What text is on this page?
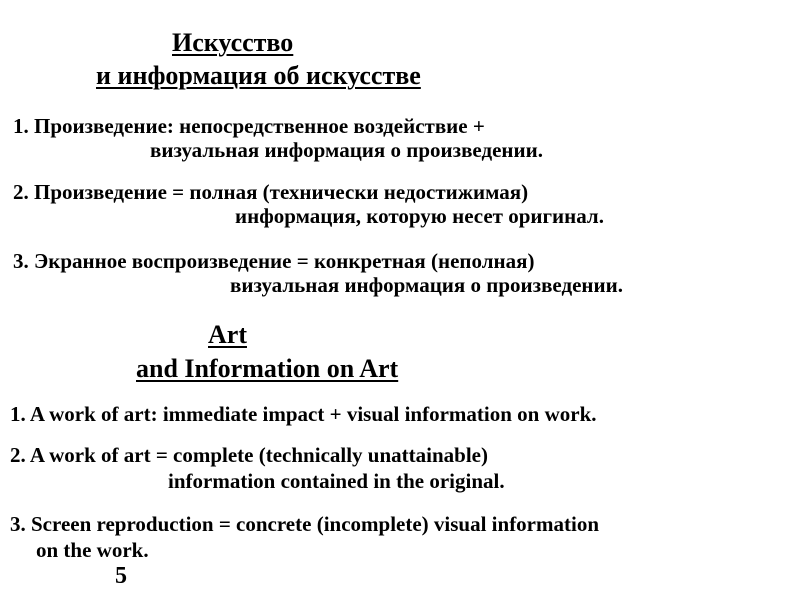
Искусство
и информация об искусстве
1. Произведение: непосредственное воздействие +
визуальная информация о произведении.
2. Произведение = полная (технически недостижимая)
информация, которую несет оригинал.
3. Экранное воспроизведение = конкретная (неполная)
визуальная информация о произведении.
Art
and Information on Art
1. A work of art: immediate impact + visual information on work.
2. A work of art = complete (technically unattainable)
information contained in the original.
3. Screen reproduction = concrete (incomplete) visual information
on the work.
5
